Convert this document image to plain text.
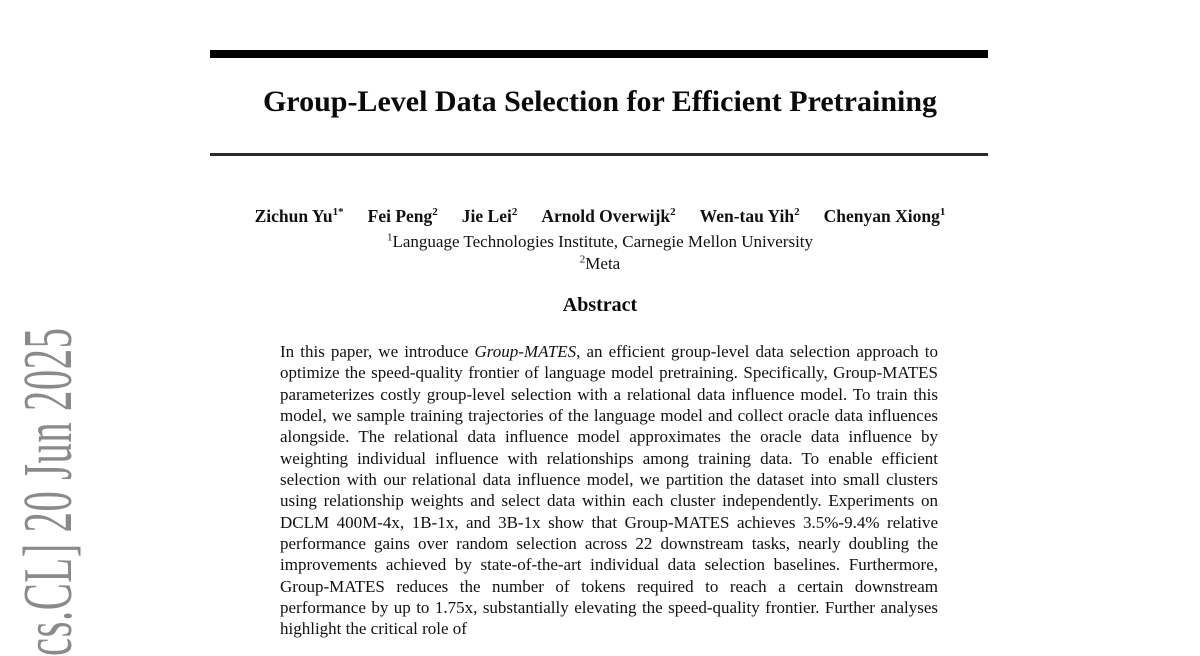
cs.CL] 20 Jun 2025
Group-Level Data Selection for Efficient Pretraining
Zichun $Yu^{1*}$ Fei Peng$^2$ Jie Lei$^2$ Arnold Overwijk$^2$ Wen-tau Yih$^2$ Chenyan Xiong$^1$
$^1$Language Technologies Institute, Carnegie Mellon University
$^2$Meta
Abstract

In this paper, we introduce Group-MATES, an efficient group-level data selection approach to optimize the speed-quality frontier of language model pretraining. Specifically, Group-MATES parameterizes costly group-level selection with a relational data influence model. To train this model, we sample training trajectories of the language model and collect oracle data influences alongside. The relational data influence model approximates the oracle data influence by weighting individual influence with relationships among training data. To enable efficient selection with our relational data influence model, we partition the dataset into small clusters using relationship weights and select data within each cluster independently. Experiments on DCLM 400M-4x, 1B-1x, and 3B-1x show that Group-MATES achieves 3.5%-9.4% relative performance gains over random selection across 22 downstream tasks, nearly doubling the improvements achieved by state-of-the-art individual data selection baselines. Furthermore, Group-MATES reduces the number of tokens required to reach a certain downstream performance by up to 1.75x, substantially elevating the speed-quality frontier. Further analyses highlight the critical role of
